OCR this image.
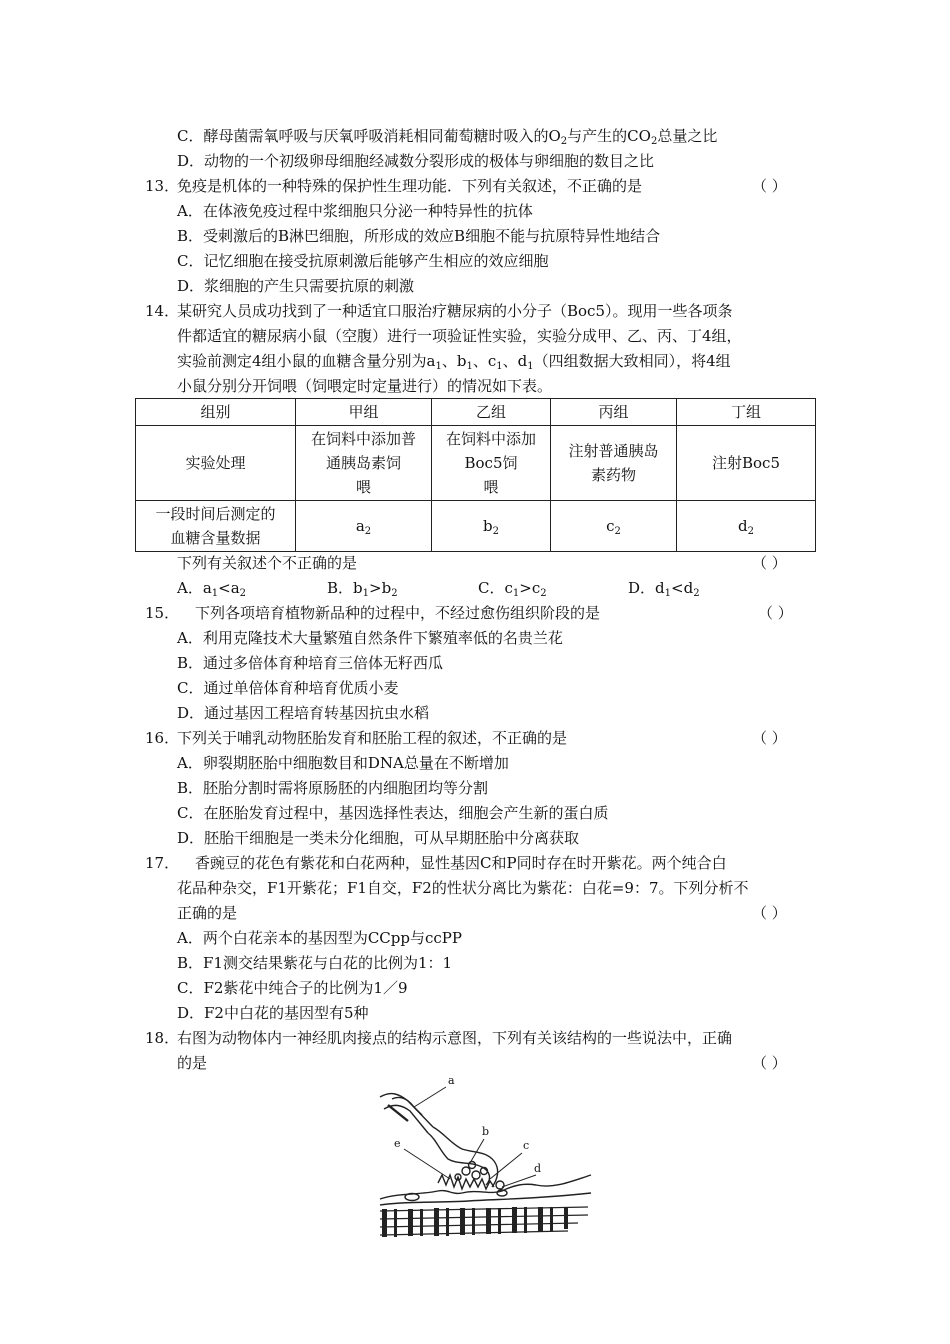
C．酵母菌需氧呼吸与厌氧呼吸消耗相同葡萄糖时吸入的$O_2$与产生的$CO_2$总量之比
D．动物的一个初级卵母细胞经减数分裂形成的极体与卵细胞的数目之比
13．
免疫是机体的一种特殊的保护性生理功能．下列有关叙述，不正确的是	（ ）
A．在体液免疫过程中浆细胞只分泌一种特异性的抗体
B．受刺激后的B淋巴细胞，所形成的效应B细胞不能与抗原特异性地结合
C．记忆细胞在接受抗原刺激后能够产生相应的效应细胞
D．浆细胞的产生只需要抗原的刺激
14．
某研究人员成功找到了一种适宜口服治疗糖尿病的小分子（Boc5）。现用一些各项条
件都适宜的糖尿病小鼠（空腹）进行一项验证性实验，实验分成甲、乙、丙、丁4组，
实验前测定4组小鼠的血糖含量分别为$a_1$、$b_1$、$c_1$、$d_1$（四组数据大致相同），将4组
小鼠分别分开饲喂（饲喂定时定量进行）的情况如下表。
组别	甲组	乙组	丙组	丁组
实验处理	在饲料中添加普
通胰岛素饲
喂	在饲料中添加
Boc5饲
喂	注射普通胰岛
素药物	注射Boc5
一段时间后测定的
血糖含量数据	$a_2$	$b_2$	$c_2$	$d_2$
下列有关叙述个不正确的是	（ ）
A．$a_1<a_2$	B．$b_1>b_2$	C．$c_1>c_2$	D．$d_1<d_2$
15． 下列各项培育植物新品种的过程中，不经过愈伤组织阶段的是	（ ）
A．利用克隆技术大量繁殖自然条件下繁殖率低的名贵兰花
B．通过多倍体育种培育三倍体无籽西瓜
C．通过单倍体育种培育优质小麦
D．通过基因工程培育转基因抗虫水稻
16．
下列关于哺乳动物胚胎发育和胚胎工程的叙述，不正确的是	（ ）
A．卵裂期胚胎中细胞数目和DNA总量在不断增加
B．胚胎分割时需将原肠胚的内细胞团均等分割
C．在胚胎发育过程中，基因选择性表达，细胞会产生新的蛋白质
D．胚胎干细胞是一类未分化细胞，可从早期胚胎中分离获取
17． 香豌豆的花色有紫花和白花两种，显性基因C和P同时存在时开紫花。两个纯合白
花品种杂交，F1开紫花；F1自交，F2的性状分离比为紫花：白花=9：7。下列分析不
正确的是	（ ）
A．两个白花亲本的基因型为CCpp与ccPP
B．F1测交结果紫花与白花的比例为1：1
C．F2紫花中纯合子的比例为1／9
D．F2中白花的基因型有5种
18．
右图为动物体内一神经肌肉接点的结构示意图，下列有关该结构的一些说法中，正确
的是	（ ）
a
b
c
d
e
